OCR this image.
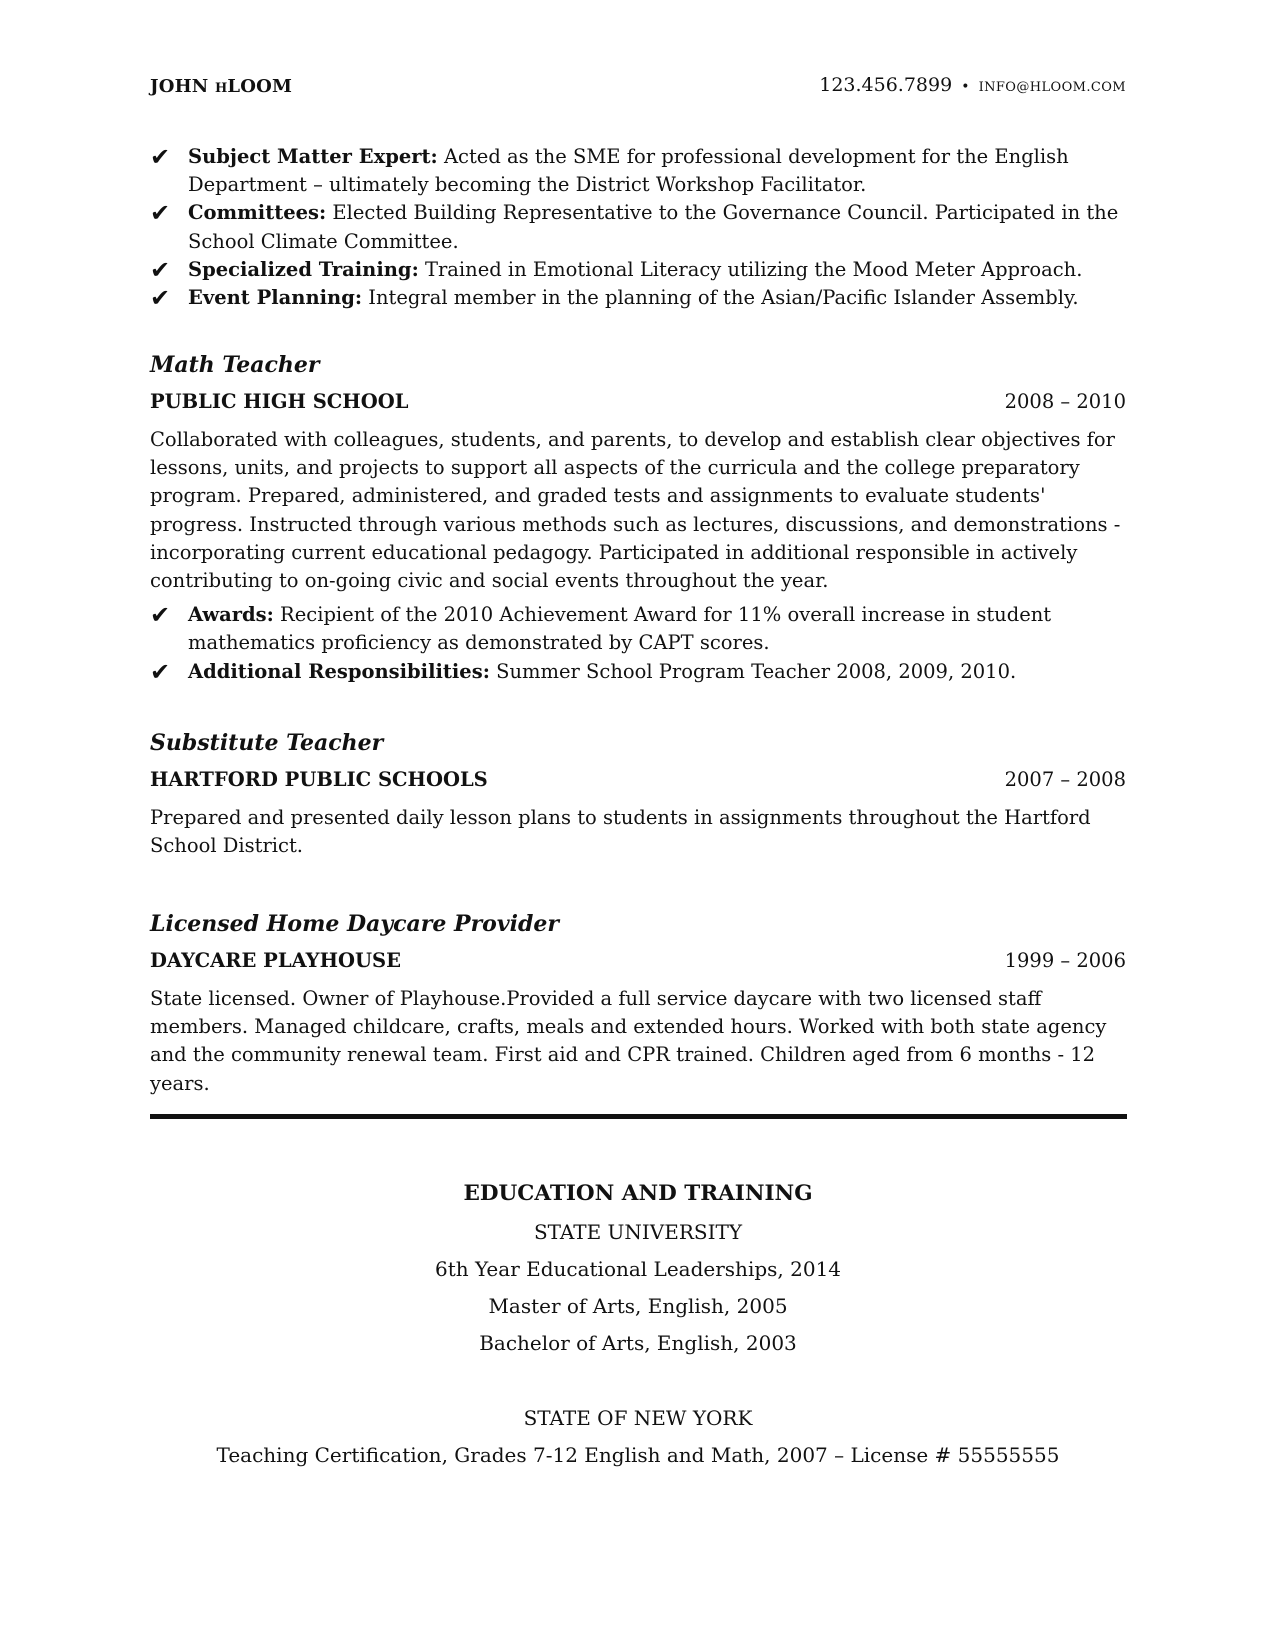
JOHN HLOOM	123.456.7899 • INFO@HLOOM.COM
✔ Subject Matter Expert: Acted as the SME for professional development for the English Department – ultimately becoming the District Workshop Facilitator.
✔ Committees: Elected Building Representative to the Governance Council. Participated in the School Climate Committee.
✔ Specialized Training: Trained in Emotional Literacy utilizing the Mood Meter Approach.
✔ Event Planning: Integral member in the planning of the Asian/Pacific Islander Assembly.
Math Teacher
PUBLIC HIGH SCHOOL	2008 – 2010

Collaborated with colleagues, students, and parents, to develop and establish clear objectives for lessons, units, and projects to support all aspects of the curricula and the college preparatory program. Prepared, administered, and graded tests and assignments to evaluate students' progress. Instructed through various methods such as lectures, discussions, and demonstrations - incorporating current educational pedagogy. Participated in additional responsible in actively contributing to on-going civic and social events throughout the year.

✔ Awards: Recipient of the 2010 Achievement Award for 11% overall increase in student mathematics proficiency as demonstrated by CAPT scores.
✔ Additional Responsibilities: Summer School Program Teacher 2008, 2009, 2010.
Substitute Teacher
HARTFORD PUBLIC SCHOOLS	2007 – 2008

Prepared and presented daily lesson plans to students in assignments throughout the Hartford School District.

Licensed Home Daycare Provider
DAYCARE PLAYHOUSE	1999 – 2006

State licensed. Owner of Playhouse.Provided a full service daycare with two licensed staff members. Managed childcare, crafts, meals and extended hours. Worked with both state agency and the community renewal team. First aid and CPR trained. Children aged from 6 months - 12 years.

EDUCATION AND TRAINING
STATE UNIVERSITY
6th Year Educational Leaderships, 2014
Master of Arts, English, 2005
Bachelor of Arts, English, 2003
STATE OF NEW YORK
Teaching Certification, Grades 7-12 English and Math, 2007 – License # 55555555
